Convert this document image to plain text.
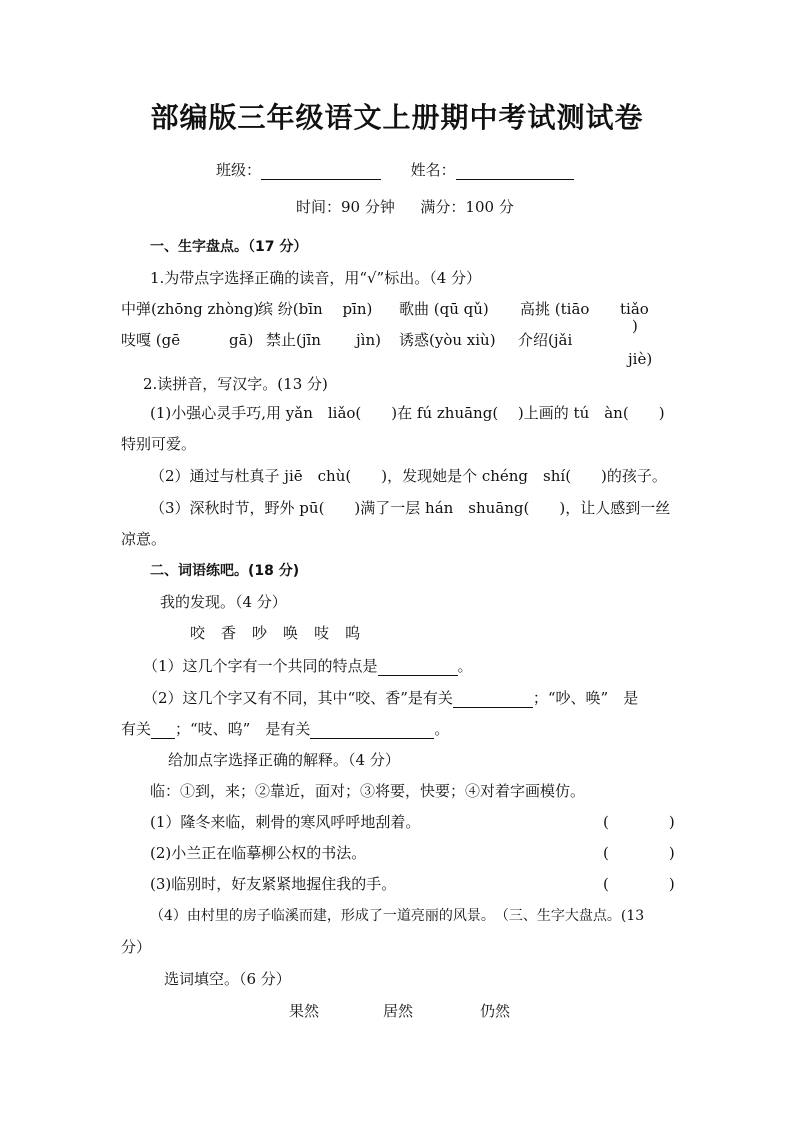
部编版三年级语文上册期中考试测试卷
班级：	姓名：
时间：90 分钟 满分：100 分
一、生字盘点。（17 分）
1.为带点字选择正确的读音，用“√”标出。（4 分）
中弹(zhōng zhòng)
缤 纷(bīn　 pīn) 歌曲 (qū qǔ) 高挑 (tiāo tiǎo
)
吱嘎 (gē	gā) 禁止(jīn jìn) 诱惑(yòu xiù) 介绍(jǎi
jiè)
2.读拼音，写汉字。(13 分)
(1)小强心灵手巧,用 yǎn　liǎo(　　)在 fú zhuāng(　 )上画的 tú　àn(　　)
特别可爱。
（2）通过与杜真子 jiē　chù(　　)，发现她是个 chéng　shí(　　)的孩子。
（3）深秋时节，野外 pū(　　)满了一层 hán　shuāng(　　)，让人感到一丝
凉意。
二、词语练吧。(18 分)
我的发现。（4 分）
咬 香 吵 唤 吱 呜
（1）这几个字有一个共同的特点是	。
（2）这几个字又有不同，其中“咬、香”是有关	；“吵、唤”　是
有关 ；“吱、呜”　是有关	。
给加点字选择正确的解释。（4 分）
临：①到，来；②靠近，面对；③将要，快要；④对着字画模仿。
(1）隆冬来临，刺骨的寒风呼呼地刮着。	(　　　　)
(2)小兰正在临摹柳公权的书法。	(　　　　)
(3)临别时，好友紧紧地握住我的手。	(　　　　)
（4）由村里的房子临溪而建，形成了一道亮丽的风景。　（三、生字大盘点。(13
分）
选词填空。（6 分）
果然	居然	仍然
